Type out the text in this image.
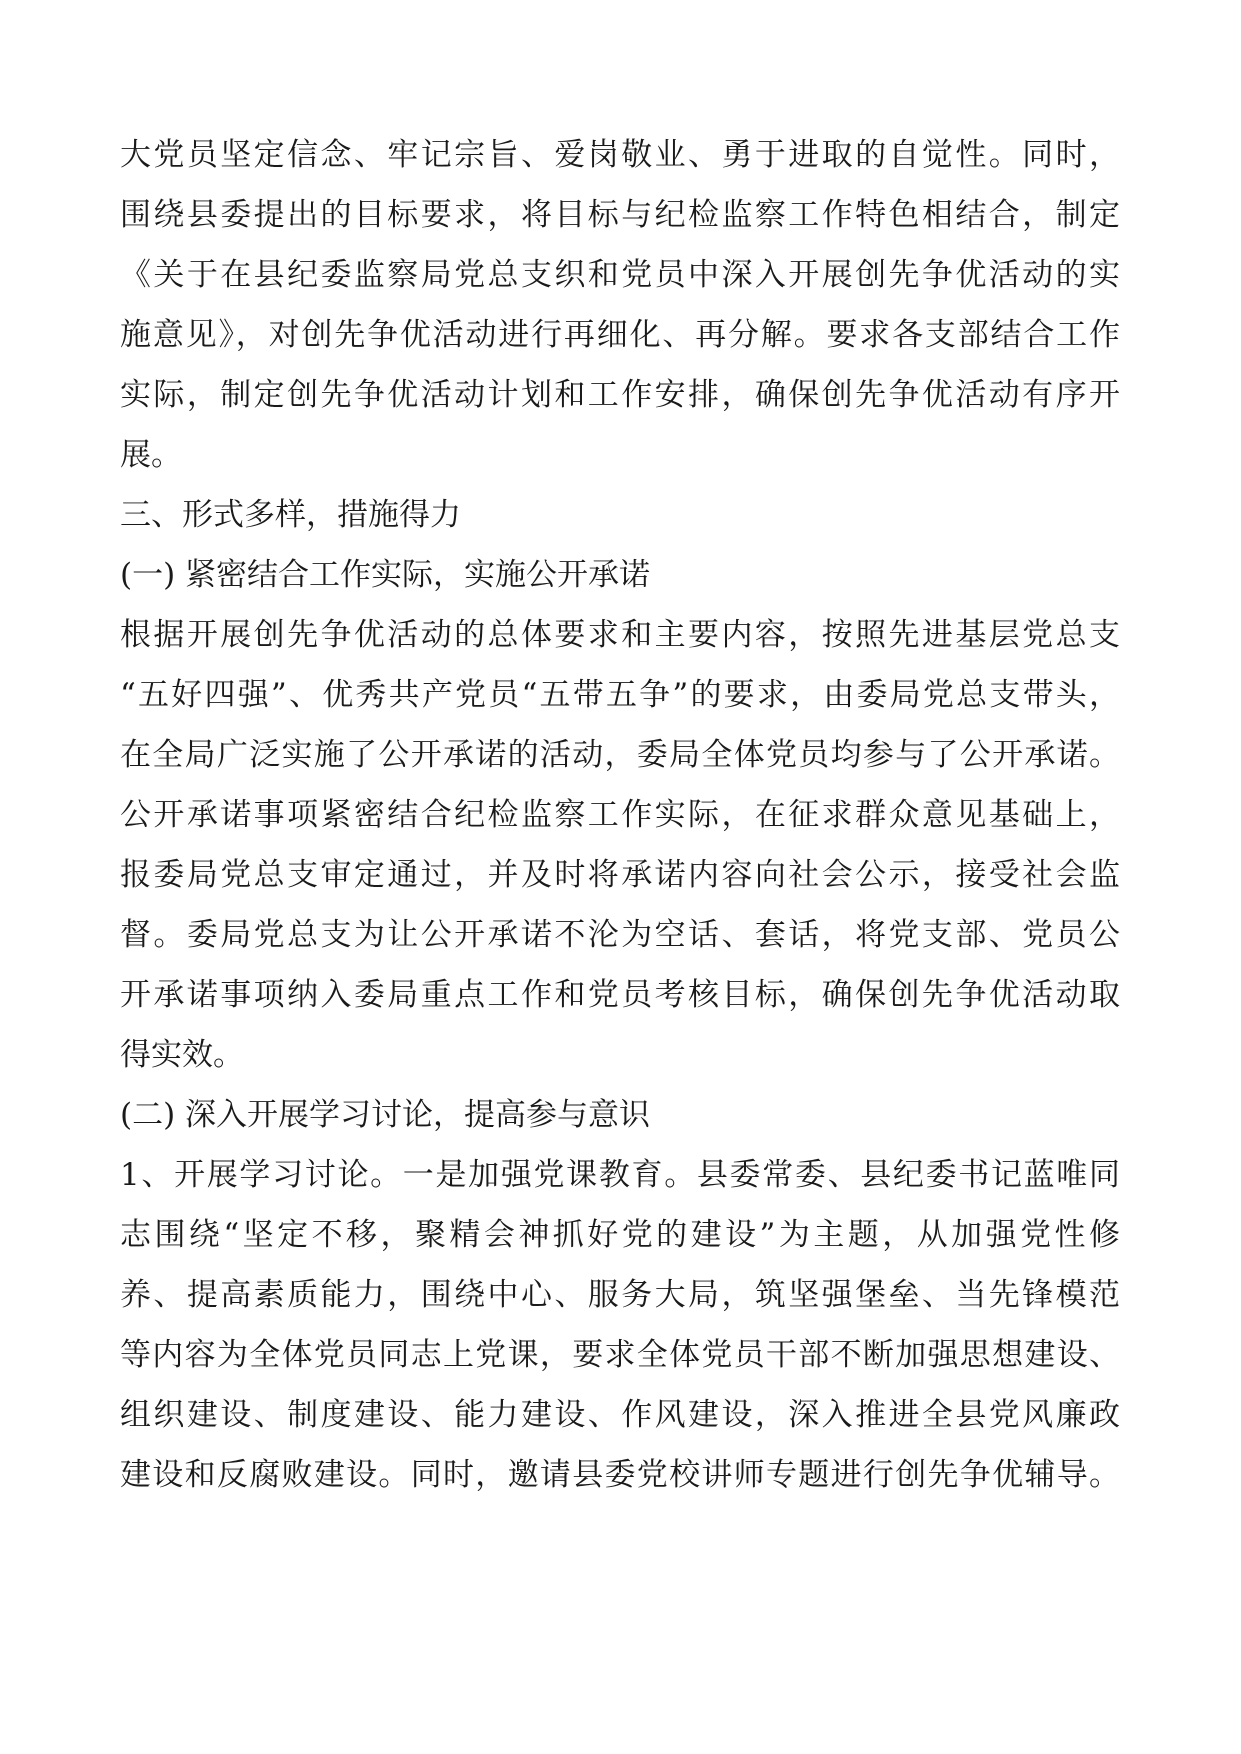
大党员坚定信念、牢记宗旨、爱岗敬业、勇于进取的自觉性。同时，
围绕县委提出的目标要求，将目标与纪检监察工作特色相结合，制定
《关于在县纪委监察局党总支织和党员中深入开展创先争优活动的实
施意见》，对创先争优活动进行再细化、再分解。要求各支部结合工作
实际，制定创先争优活动计划和工作安排，确保创先争优活动有序开
展。
三、形式多样，措施得力
(一) 紧密结合工作实际，实施公开承诺
根据开展创先争优活动的总体要求和主要内容，按照先进基层党总支
“五好四强”、优秀共产党员“五带五争”的要求，由委局党总支带头，
在全局广泛实施了公开承诺的活动，委局全体党员均参与了公开承诺。
公开承诺事项紧密结合纪检监察工作实际，在征求群众意见基础上，
报委局党总支审定通过，并及时将承诺内容向社会公示，接受社会监
督。委局党总支为让公开承诺不沦为空话、套话，将党支部、党员公
开承诺事项纳入委局重点工作和党员考核目标，确保创先争优活动取
得实效。
(二) 深入开展学习讨论，提高参与意识
1、开展学习讨论。一是加强党课教育。县委常委、县纪委书记蓝唯同
志围绕“坚定不移，聚精会神抓好党的建设”为主题，从加强党性修
养、提高素质能力，围绕中心、服务大局，筑坚强堡垒、当先锋模范
等内容为全体党员同志上党课，要求全体党员干部不断加强思想建设、
组织建设、制度建设、能力建设、作风建设，深入推进全县党风廉政
建设和反腐败建设。同时，邀请县委党校讲师专题进行创先争优辅导。
